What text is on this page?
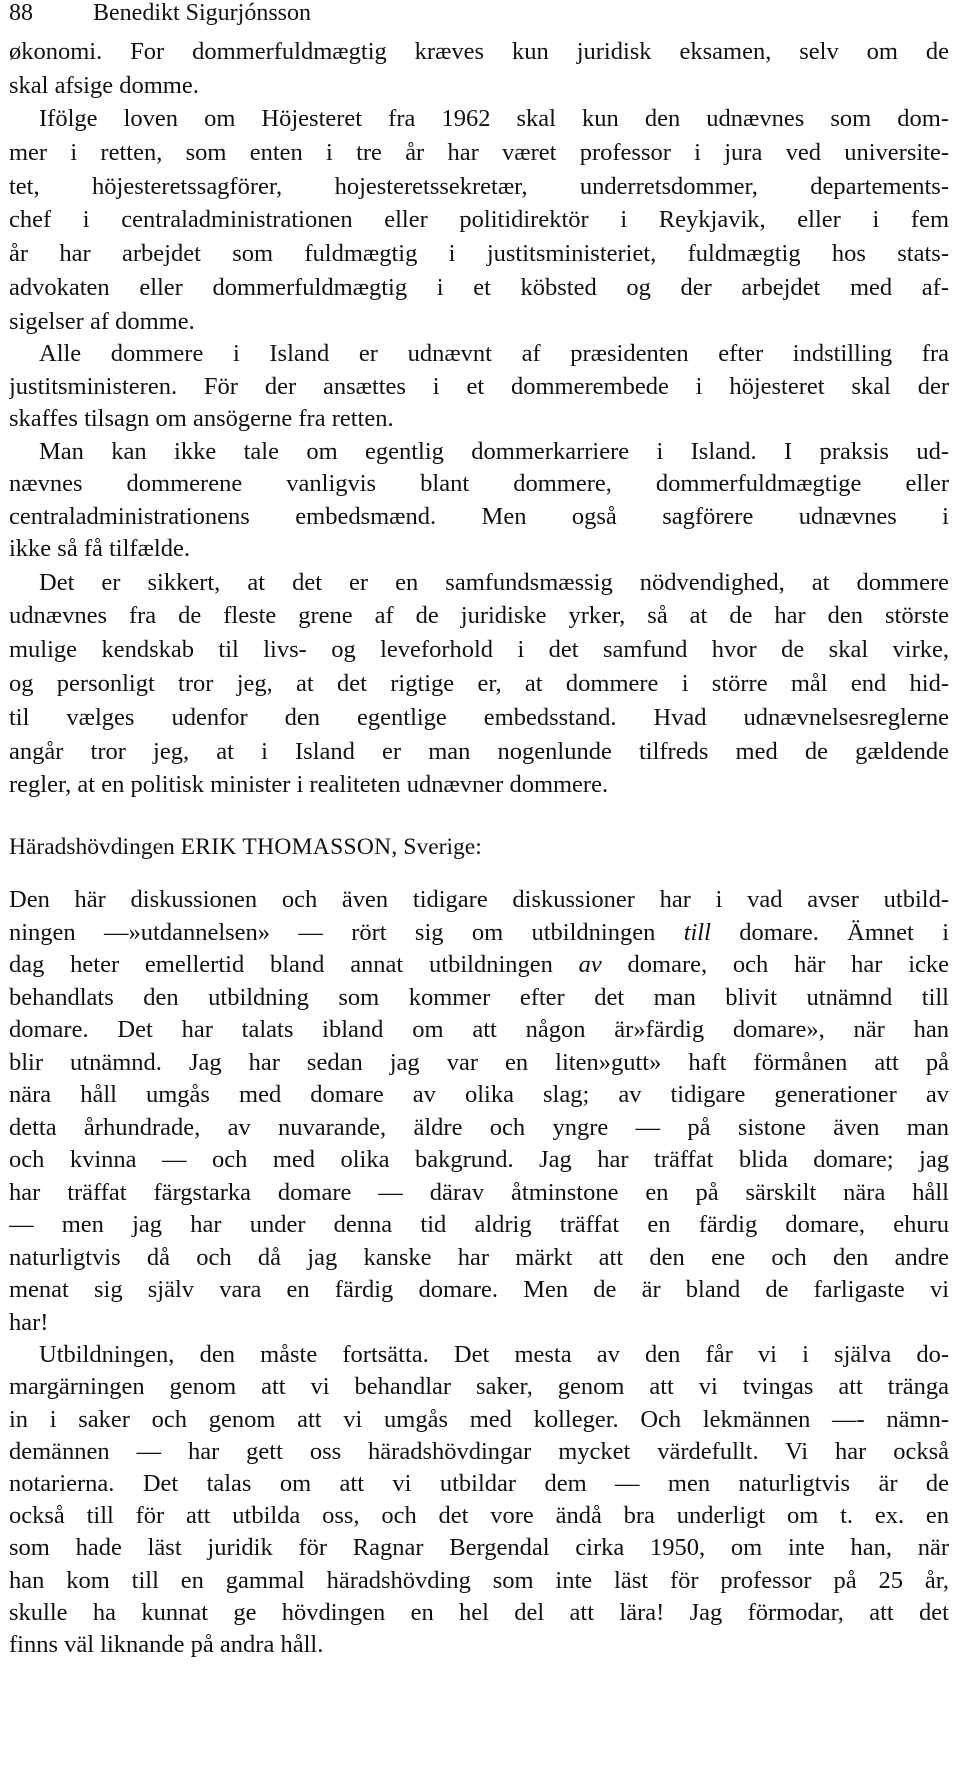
88	Benedikt Sigurjónsson
økonomi. For dommerfuldmægtig kræves kun juridisk eksamen, selv om de
skal afsige domme.
Ifölge loven om Höjesteret fra 1962 skal kun den udnævnes som dom-
mer i retten, som enten i tre år har været professor i jura ved universite-
tet, höjesteretssagförer, hojesteretssekretær, underretsdommer, departements-
chef i centraladministrationen eller politidirektör i Reykjavik, eller i fem
år har arbejdet som fuldmægtig i justitsministeriet, fuldmægtig hos stats-
advokaten eller dommerfuldmægtig i et köbsted og der arbejdet med af-
sigelser af domme.
Alle dommere i Island er udnævnt af præsidenten efter indstilling fra
justitsministeren. För der ansættes i et dommerembede i höjesteret skal der
skaffes tilsagn om ansögerne fra retten.
Man kan ikke tale om egentlig dommerkarriere i Island. I praksis ud-
nævnes dommerene vanligvis blant dommere, dommerfuldmægtige eller
centraladministrationens embedsmænd. Men også sagförere udnævnes i
ikke så få tilfælde.
Det er sikkert, at det er en samfundsmæssig nödvendighed, at dommere
udnævnes fra de fleste grene af de juridiske yrker, så at de har den störste
mulige kendskab til livs- og leveforhold i det samfund hvor de skal virke,
og personligt tror jeg, at det rigtige er, at dommere i större mål end hid-
til vælges udenfor den egentlige embedsstand. Hvad udnævnelsesreglerne
angår tror jeg, at i Island er man nogenlunde tilfreds med de gældende
regler, at en politisk minister i realiteten udnævner dommere.
Häradshövdingen ERIK THOMASSON, Sverige:
Den här diskussionen och även tidigare diskussioner har i vad avser utbild-
ningen —»utdannelsen» — rört sig om utbildningen till domare. Ämnet i
dag heter emellertid bland annat utbildningen av domare, och här har icke
behandlats den utbildning som kommer efter det man blivit utnämnd till
domare. Det har talats ibland om att någon är»färdig domare», när han
blir utnämnd. Jag har sedan jag var en liten»gutt» haft förmånen att på
nära håll umgås med domare av olika slag; av tidigare generationer av
detta århundrade, av nuvarande, äldre och yngre — på sistone även man
och kvinna — och med olika bakgrund. Jag har träffat blida domare; jag
har träffat färgstarka domare — därav åtminstone en på särskilt nära håll
— men jag har under denna tid aldrig träffat en färdig domare, ehuru
naturligtvis då och då jag kanske har märkt att den ene och den andre
menat sig själv vara en färdig domare. Men de är bland de farligaste vi
har!
Utbildningen, den måste fortsätta. Det mesta av den får vi i själva do-
margärningen genom att vi behandlar saker, genom att vi tvingas att tränga
in i saker och genom att vi umgås med kolleger. Och lekmännen —- nämn-
demännen — har gett oss häradshövdingar mycket värdefullt. Vi har också
notarierna. Det talas om att vi utbildar dem — men naturligtvis är de
också till för att utbilda oss, och det vore ändå bra underligt om t. ex. en
som hade läst juridik för Ragnar Bergendal cirka 1950, om inte han, när
han kom till en gammal häradshövding som inte läst för professor på 25 år,
skulle ha kunnat ge hövdingen en hel del att lära! Jag förmodar, att det
finns väl liknande på andra håll.
